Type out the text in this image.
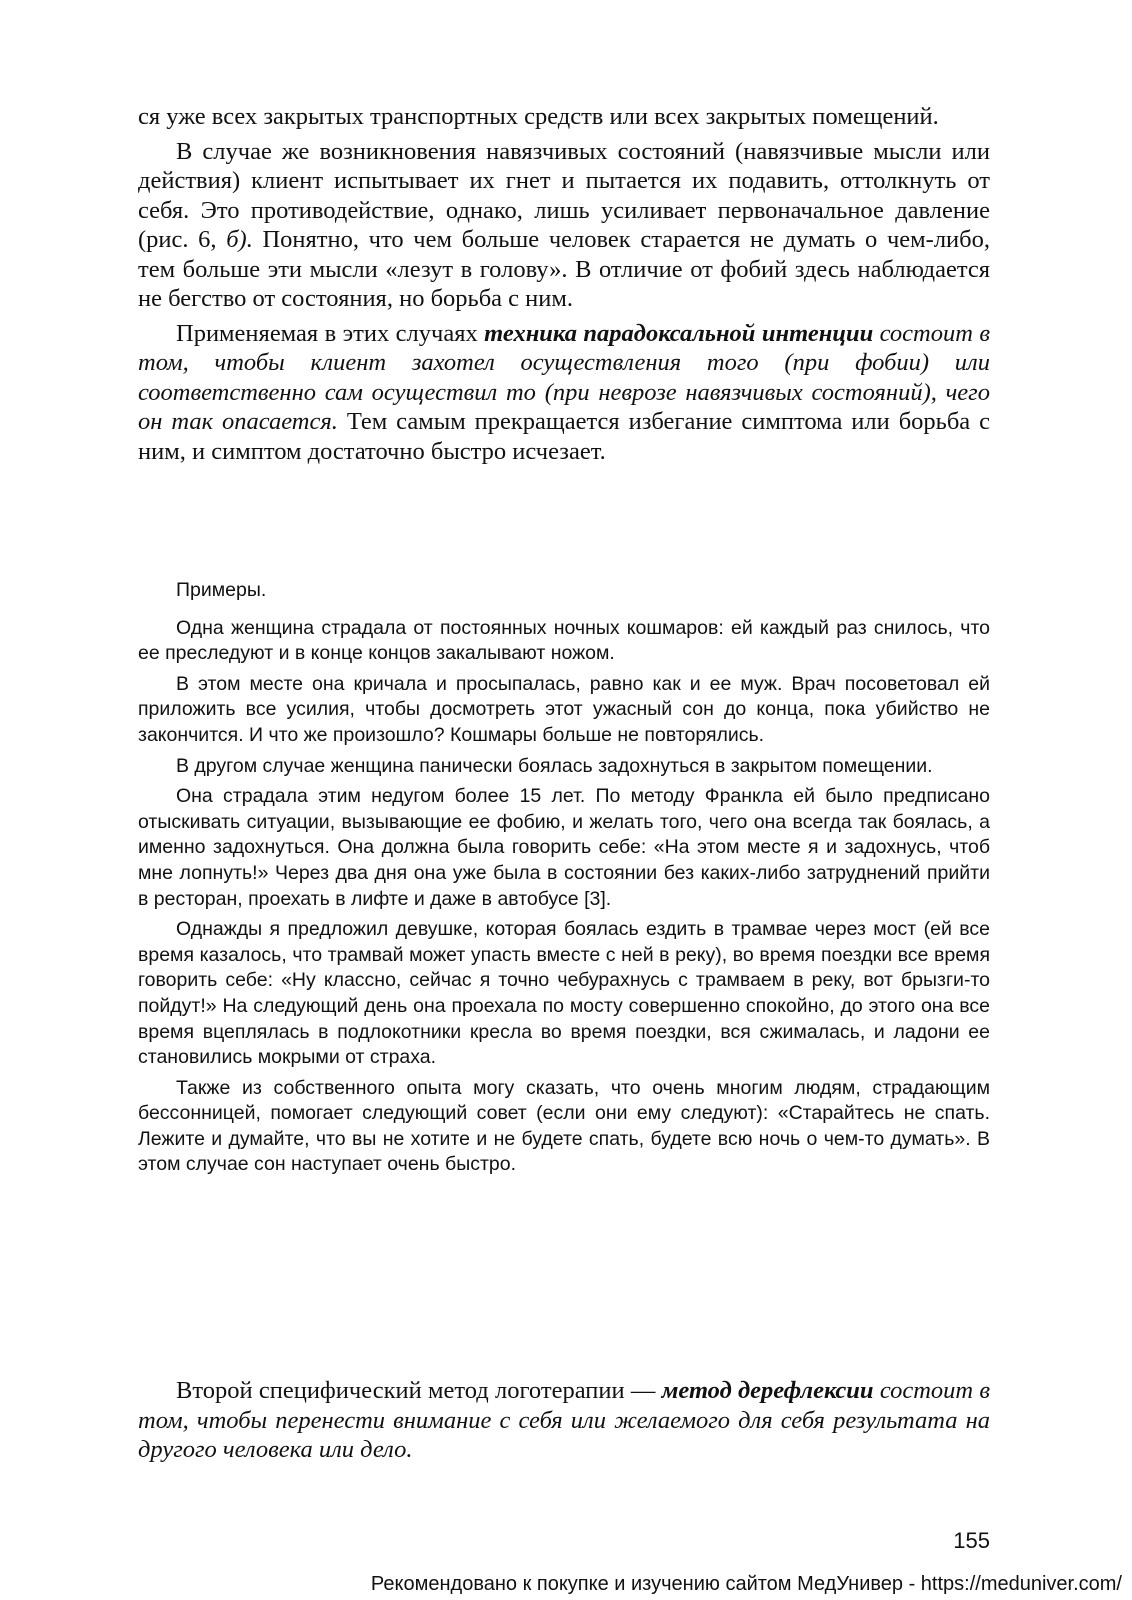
ся уже всех закрытых транспортных средств или всех закрытых помещений.

В случае же возникновения навязчивых состояний (навязчивые мысли или действия) клиент испытывает их гнет и пытается их подавить, оттолкнуть от себя. Это противодействие, однако, лишь усиливает первоначальное давление (рис. 6, б). Понятно, что чем больше человек старается не думать о чем-либо, тем больше эти мысли «лезут в голову». В отличие от фобий здесь наблюдается не бегство от состояния, но борьба с ним.

Применяемая в этих случаях техника парадоксальной интенции состоит в том, чтобы клиент захотел осуществления того (при фобии) или соответственно сам осуществил то (при неврозе навязчивых состояний), чего он так опасается. Тем самым прекращается избегание симптома или борьба с ним, и симптом достаточно быстро исчезает.

Примеры.

Одна женщина страдала от постоянных ночных кошмаров: ей каждый раз снилось, что ее преследуют и в конце концов закалывают ножом.

В этом месте она кричала и просыпалась, равно как и ее муж. Врач посоветовал ей приложить все усилия, чтобы досмотреть этот ужасный сон до конца, пока убийство не закончится. И что же произошло? Кошмары больше не повторялись.

В другом случае женщина панически боялась задохнуться в закрытом помещении.

Она страдала этим недугом более 15 лет. По методу Франкла ей было предписано отыскивать ситуации, вызывающие ее фобию, и желать того, чего она всегда так боялась, а именно задохнуться. Она должна была говорить себе: «На этом месте я и задохнусь, чтоб мне лопнуть!» Через два дня она уже была в состоянии без каких-либо затруднений прийти в ресторан, проехать в лифте и даже в автобусе [3].

Однажды я предложил девушке, которая боялась ездить в трамвае через мост (ей все время казалось, что трамвай может упасть вместе с ней в реку), во время поездки все время говорить себе: «Ну классно, сейчас я точно чебурахнусь с трамваем в реку, вот брызги-то пойдут!» На следующий день она проехала по мосту совершенно спокойно, до этого она все время вцеплялась в подлокотники кресла во время поездки, вся сжималась, и ладони ее становились мокрыми от страха.

Также из собственного опыта могу сказать, что очень многим людям, страдающим бессонницей, помогает следующий совет (если они ему следуют): «Старайтесь не спать. Лежите и думайте, что вы не хотите и не будете спать, будете всю ночь о чем-то думать». В этом случае сон наступает очень быстро.

Второй специфический метод логотерапии — метод дерефлексии состоит в том, чтобы перенести внимание с себя или желаемого для себя результата на другого человека или дело.

155
Рекомендовано к покупке и изучению сайтом МедУнивер - https://meduniver.com/
